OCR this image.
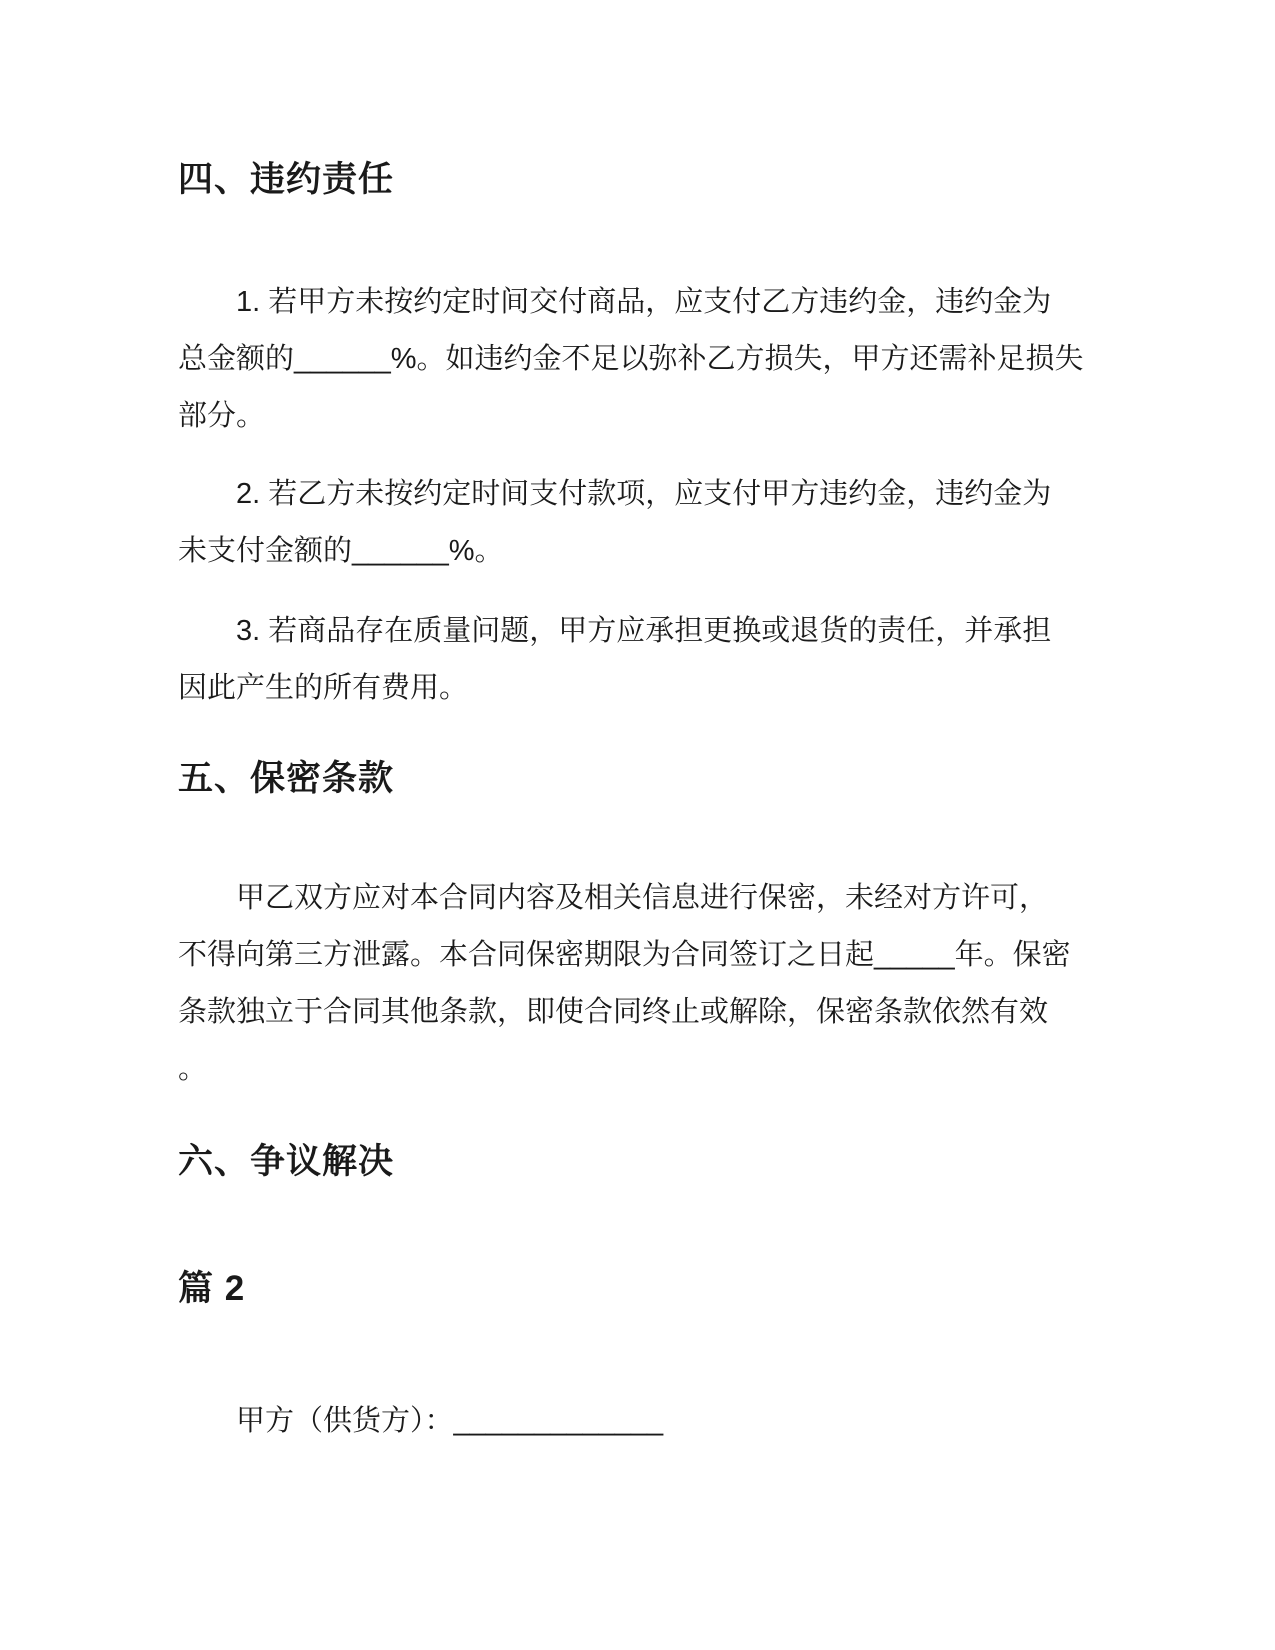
四、违约责任
1. 若甲方未按约定时间交付商品，应支付乙方违约金，违约金为
总金额的______%。如违约金不足以弥补乙方损失，甲方还需补足损失
部分。
2. 若乙方未按约定时间支付款项，应支付甲方违约金，违约金为
未支付金额的______%。
3. 若商品存在质量问题，甲方应承担更换或退货的责任，并承担
因此产生的所有费用。
五、保密条款
甲乙双方应对本合同内容及相关信息进行保密，未经对方许可，
不得向第三方泄露。本合同保密期限为合同签订之日起_____年。保密
条款独立于合同其他条款，即使合同终止或解除，保密条款依然有效
。
六、争议解决
篇 2
甲方（供货方）：_____________
